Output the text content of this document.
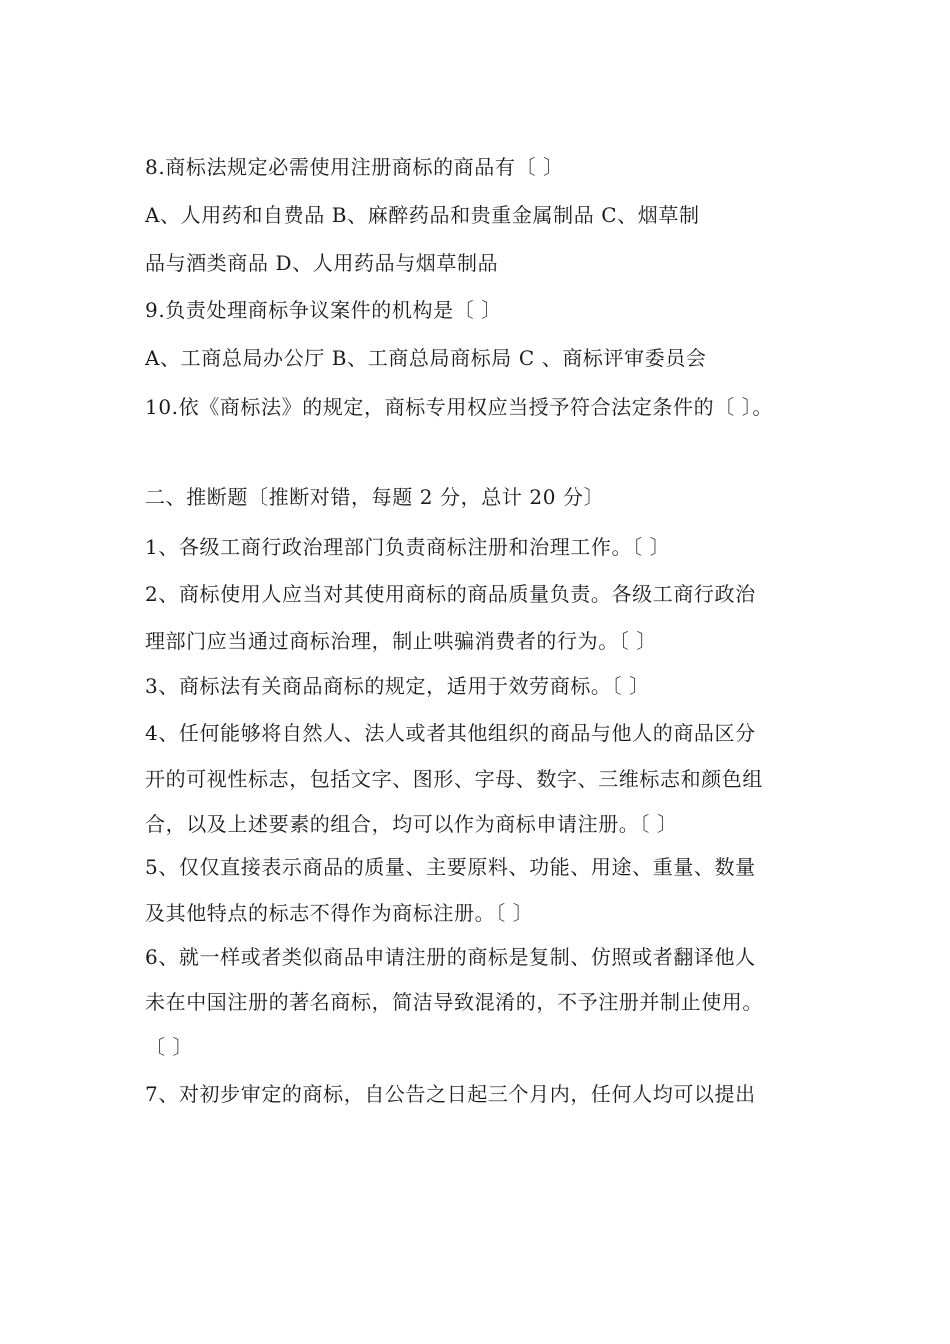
8.商标法规定必需使用注册商标的商品有〔 〕

A、人用药和自费品 B、麻醉药品和贵重金属制品 C、烟草制

品与酒类商品 D、人用药品与烟草制品

9.负责处理商标争议案件的机构是〔 〕

A、工商总局办公厅 B、工商总局商标局 C 、商标评审委员会

10.依《商标法》的规定，商标专用权应当授予符合法定条件的〔 〕。

二、推断题〔推断对错，每题 2 分，总计 20 分〕

1、各级工商行政治理部门负责商标注册和治理工作。〔 〕

2、商标使用人应当对其使用商标的商品质量负责。各级工商行政治

理部门应当通过商标治理，制止哄骗消费者的行为。〔 〕

3、商标法有关商品商标的规定，适用于效劳商标。〔 〕

4、任何能够将自然人、法人或者其他组织的商品与他人的商品区分

开的可视性标志，包括文字、图形、字母、数字、三维标志和颜色组

合，以及上述要素的组合，均可以作为商标申请注册。〔 〕

5、仅仅直接表示商品的质量、主要原料、功能、用途、重量、数量

及其他特点的标志不得作为商标注册。〔 〕

6、就一样或者类似商品申请注册的商标是复制、仿照或者翻译他人

未在中国注册的著名商标，简洁导致混淆的，不予注册并制止使用。

〔 〕

7、对初步审定的商标，自公告之日起三个月内，任何人均可以提出
